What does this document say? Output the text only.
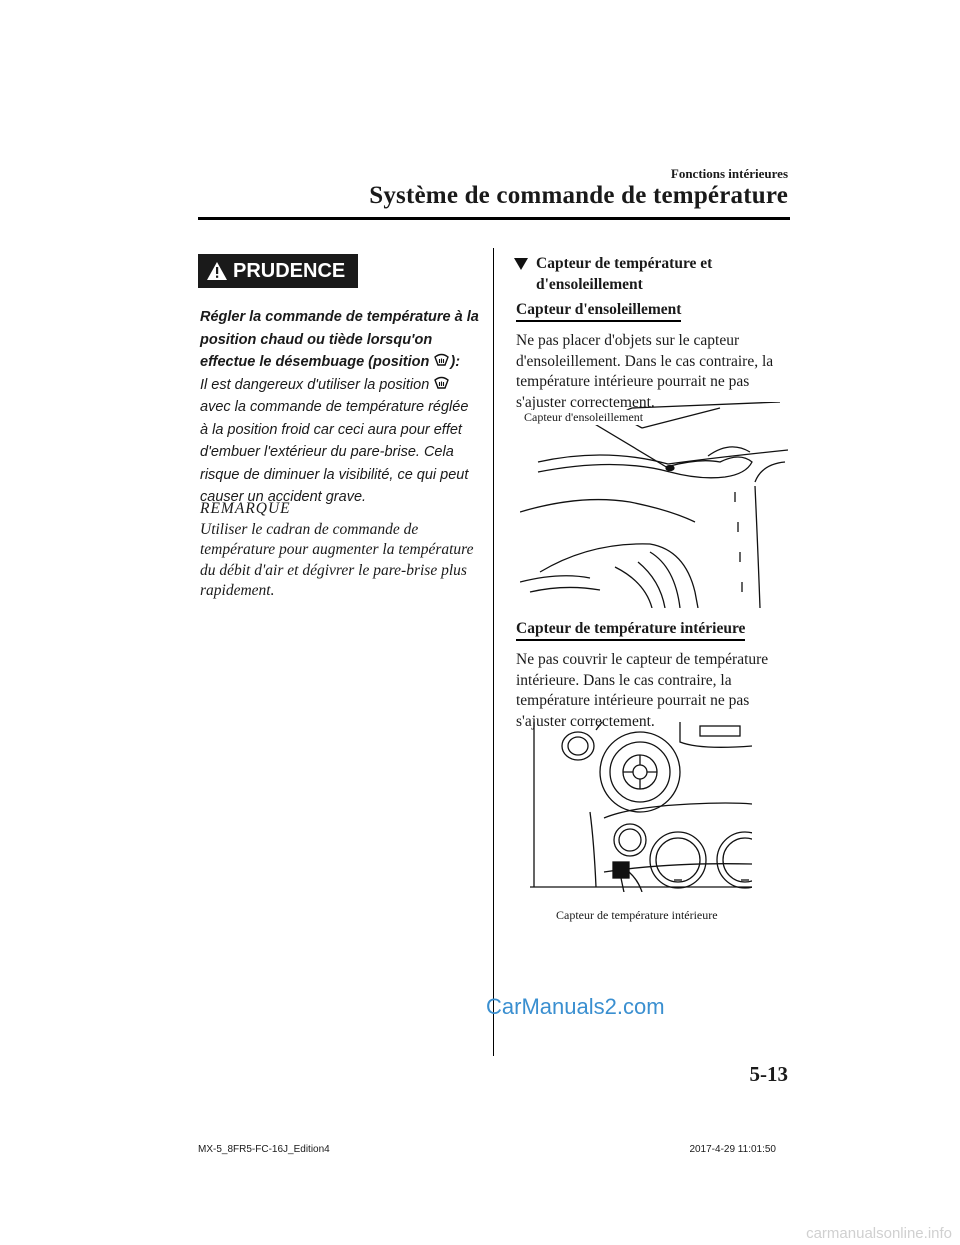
Fonctions intérieures
Système de commande de température
PRUDENCE
Régler la commande de température à la position chaud ou tiède lorsqu'on effectue le désembuage (position ):
Il est dangereux d'utiliser la position  avec la commande de température réglée à la position froid car ceci aura pour effet d'embuer l'extérieur du pare-brise. Cela risque de diminuer la visibilité, ce qui peut causer un accident grave.
REMARQUE
Utiliser le cadran de commande de température pour augmenter la température du débit d'air et dégivrer le pare-brise plus rapidement.
Capteur de température et d'ensoleillement
Capteur d'ensoleillement
Ne pas placer d'objets sur le capteur d'ensoleillement. Dans le cas contraire, la température intérieure pourrait ne pas s'ajuster correctement.
Capteur d'ensoleillement
Capteur de température intérieure
Ne pas couvrir le capteur de température intérieure. Dans le cas contraire, la température intérieure pourrait ne pas s'ajuster correctement.
Capteur de température intérieure
CarManuals2.com
5-13
MX-5_8FR5-FC-16J_Edition4	2017-4-29 11:01:50
carmanualsonline.info
